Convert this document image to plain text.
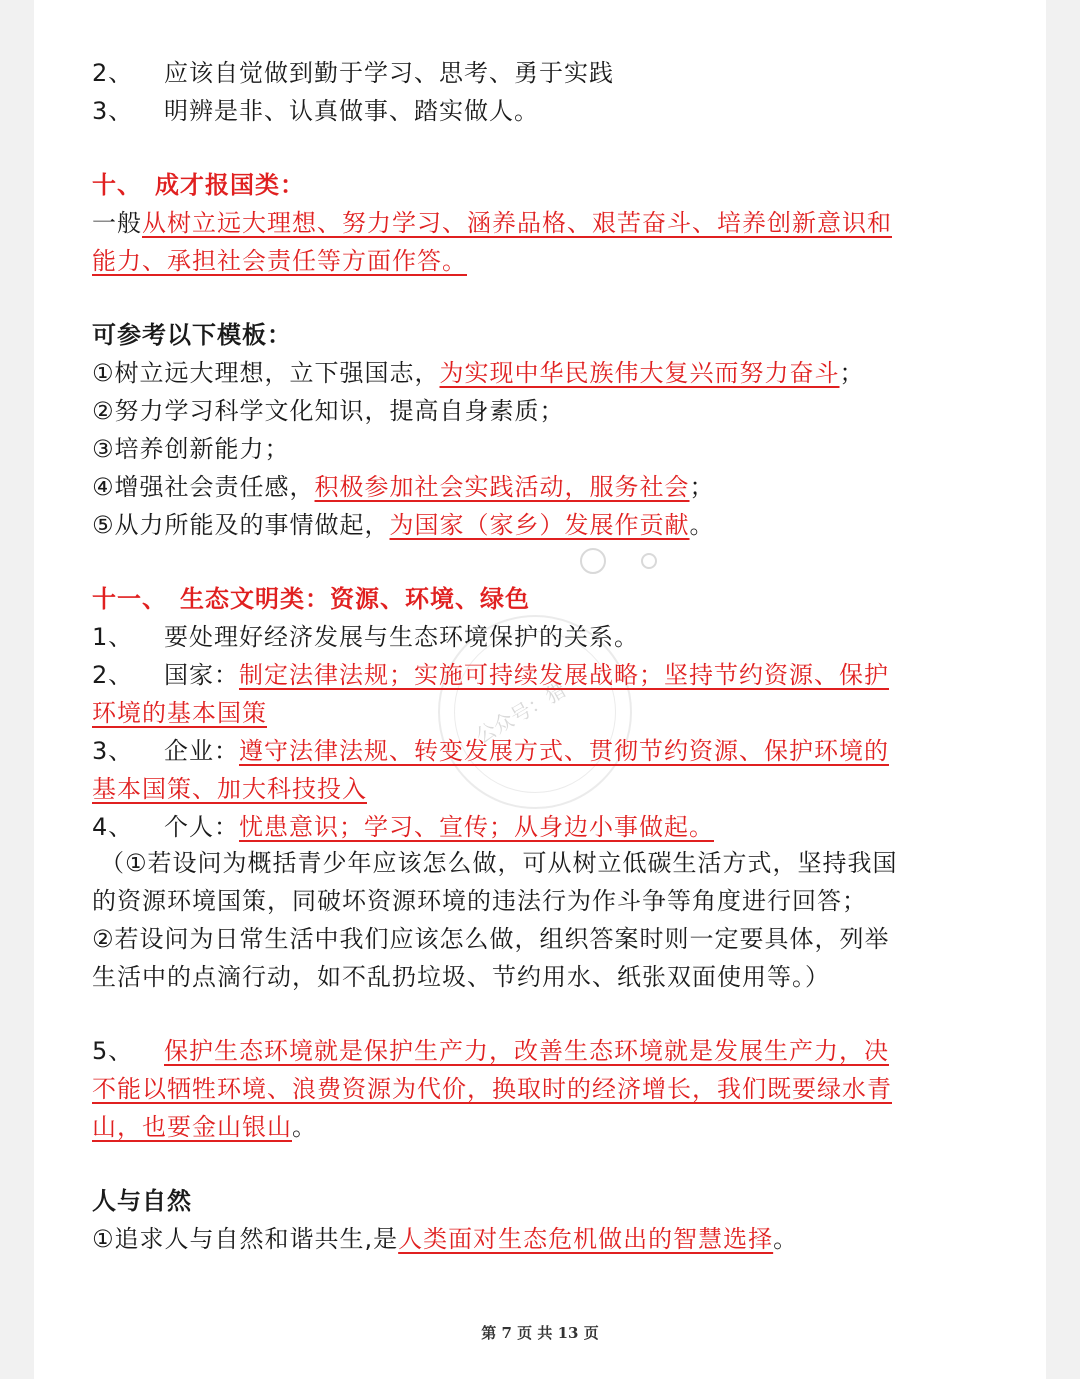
公众号：猎
2、 应该自觉做到勤于学习、思考、勇于实践
3、 明辨是非、认真做事、踏实做人。
十、　成才报国类：
一般从树立远大理想、努力学习、涵养品格、艰苦奋斗、培养创新意识和
能力、承担社会责任等方面作答。
可参考以下模板：
①树立远大理想，立下强国志，为实现中华民族伟大复兴而努力奋斗；
②努力学习科学文化知识，提高自身素质；
③培养创新能力；
④增强社会责任感，积极参加社会实践活动，服务社会；
⑤从力所能及的事情做起，为国家（家乡）发展作贡献。
十一、　生态文明类：资源、环境、绿色
1、 要处理好经济发展与生态环境保护的关系。
2、 国家：制定法律法规；实施可持续发展战略；坚持节约资源、保护
环境的基本国策
3、 企业：遵守法律法规、转变发展方式、贯彻节约资源、保护环境的
基本国策、加大科技投入
4、 个人：忧患意识；学习、宣传；从身边小事做起。
（①若设问为概括青少年应该怎么做，可从树立低碳生活方式，坚持我国
的资源环境国策，同破坏资源环境的违法行为作斗争等角度进行回答；
②若设问为日常生活中我们应该怎么做，组织答案时则一定要具体，列举
生活中的点滴行动，如不乱扔垃圾、节约用水、纸张双面使用等。）
5、 保护生态环境就是保护生产力，改善生态环境就是发展生产力，决
不能以牺牲环境、浪费资源为代价，换取时的经济增长，我们既要绿水青
山，也要金山银山。
人与自然
①追求人与自然和谐共生,是人类面对生态危机做出的智慧选择。
第 7 页 共 13 页
